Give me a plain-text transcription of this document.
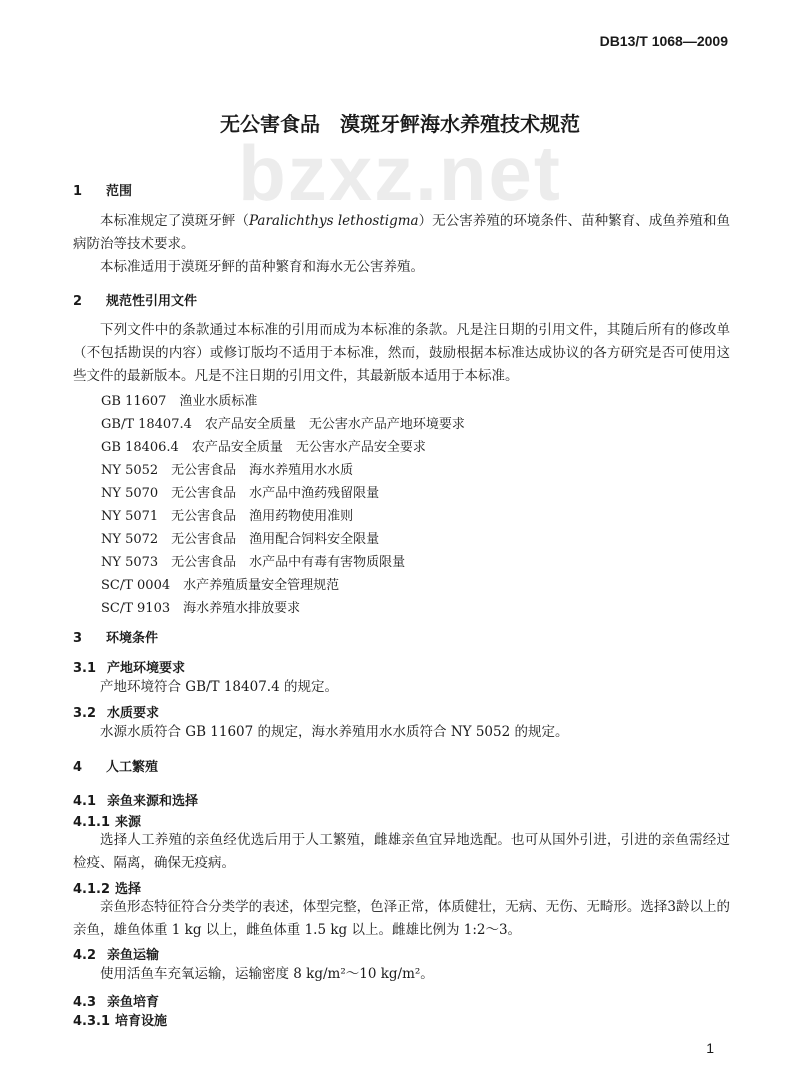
DB13/T 1068—2009
bzxz.net
无公害食品　漠斑牙鲆海水养殖技术规范
1 范围
本标准规定了漠斑牙鲆（Paralichthys lethostigma）无公害养殖的环境条件、苗种繁育、成鱼养殖和鱼病防治等技术要求。
本标准适用于漠斑牙鲆的苗种繁育和海水无公害养殖。
2 规范性引用文件
下列文件中的条款通过本标准的引用而成为本标准的条款。凡是注日期的引用文件，其随后所有的修改单（不包括勘误的内容）或修订版均不适用于本标准，然而，鼓励根据本标准达成协议的各方研究是否可使用这些文件的最新版本。凡是不注日期的引用文件，其最新版本适用于本标准。
GB 11607　渔业水质标准
GB/T 18407.4　农产品安全质量　无公害水产品产地环境要求
GB 18406.4　农产品安全质量　无公害水产品安全要求
NY 5052　无公害食品　海水养殖用水水质
NY 5070　无公害食品　水产品中渔药残留限量
NY 5071　无公害食品　渔用药物使用准则
NY 5072　无公害食品　渔用配合饲料安全限量
NY 5073　无公害食品　水产品中有毒有害物质限量
SC/T 0004　水产养殖质量安全管理规范
SC/T 9103　海水养殖水排放要求
3 环境条件
3.1 产地环境要求
产地环境符合 GB/T 18407.4 的规定。
3.2 水质要求
水源水质符合 GB 11607 的规定，海水养殖用水水质符合 NY 5052 的规定。
4 人工繁殖
4.1 亲鱼来源和选择
4.1.1 来源
选择人工养殖的亲鱼经优选后用于人工繁殖，雌雄亲鱼宜异地选配。也可从国外引进，引进的亲鱼需经过检疫、隔离，确保无疫病。
4.1.2 选择
亲鱼形态特征符合分类学的表述，体型完整，色泽正常，体质健壮，无病、无伤、无畸形。选择3龄以上的亲鱼，雄鱼体重 1 kg 以上，雌鱼体重 1.5 kg 以上。雌雄比例为 1:2～3。
4.2 亲鱼运输
使用活鱼车充氧运输，运输密度 8 kg/m²～10 kg/m²。
4.3 亲鱼培育
4.3.1 培育设施
1
